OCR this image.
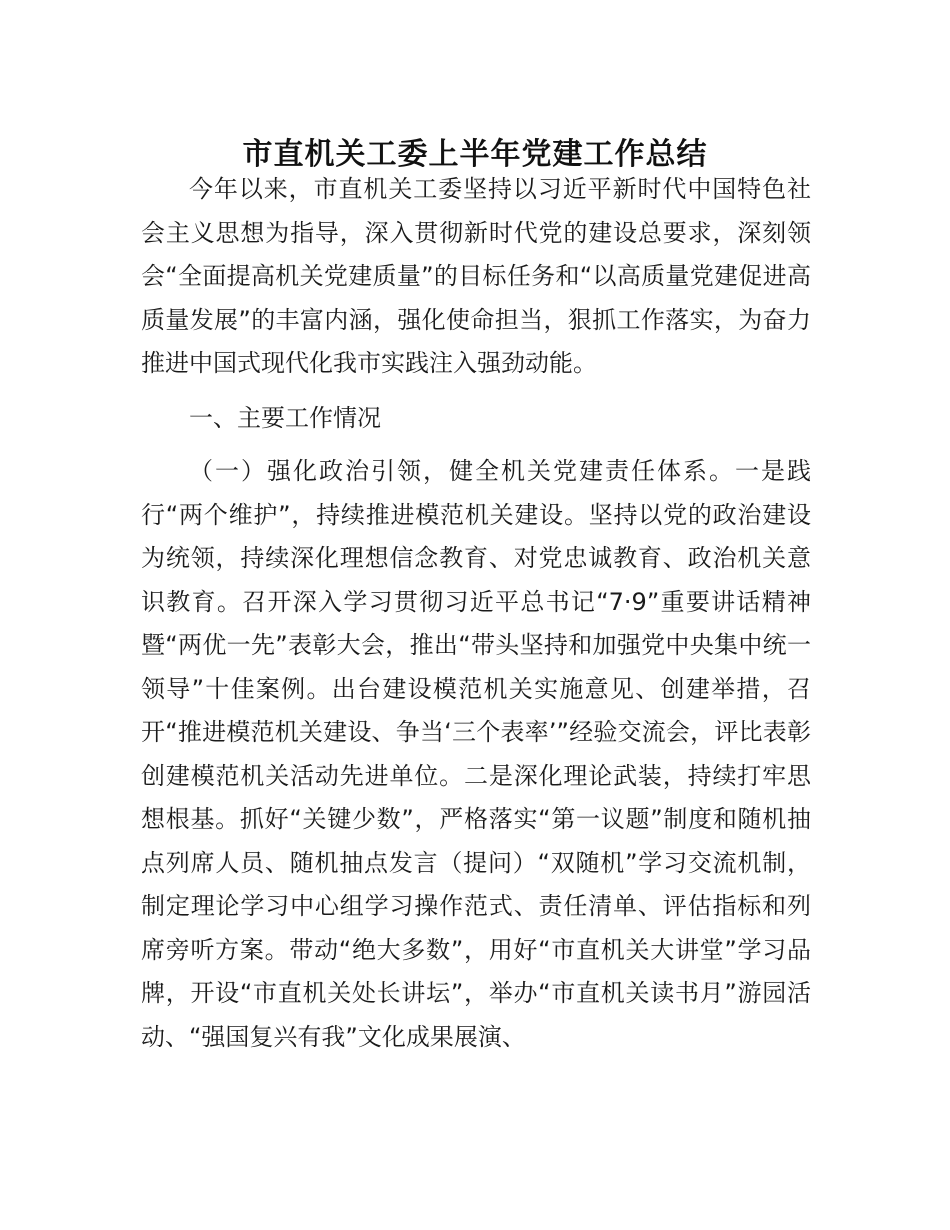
市直机关工委上半年党建工作总结

今年以来，市直机关工委坚持以习近平新时代中国特色社会主义思想为指导，深入贯彻新时代党的建设总要求，深刻领会“全面提高机关党建质量”的目标任务和“以高质量党建促进高质量发展”的丰富内涵，强化使命担当，狠抓工作落实，为奋力推进中国式现代化我市实践注入强劲动能。

一、主要工作情况

（一）强化政治引领，健全机关党建责任体系。一是践行“两个维护”，持续推进模范机关建设。坚持以党的政治建设为统领，持续深化理想信念教育、对党忠诚教育、政治机关意识教育。召开深入学习贯彻习近平总书记“7·9”重要讲话精神暨“两优一先”表彰大会，推出“带头坚持和加强党中央集中统一领导”十佳案例。出台建设模范机关实施意见、创建举措，召开“推进模范机关建设、争当‘三个表率’”经验交流会，评比表彰创建模范机关活动先进单位。二是深化理论武装，持续打牢思想根基。抓好“关键少数”，严格落实“第一议题”制度和随机抽点列席人员、随机抽点发言（提问）“双随机”学习交流机制，制定理论学习中心组学习操作范式、责任清单、评估指标和列席旁听方案。带动“绝大多数”，用好“市直机关大讲堂”学习品牌，开设“市直机关处长讲坛”，举办“市直机关读书月”游园活动、“强国复兴有我”文化成果展演、
